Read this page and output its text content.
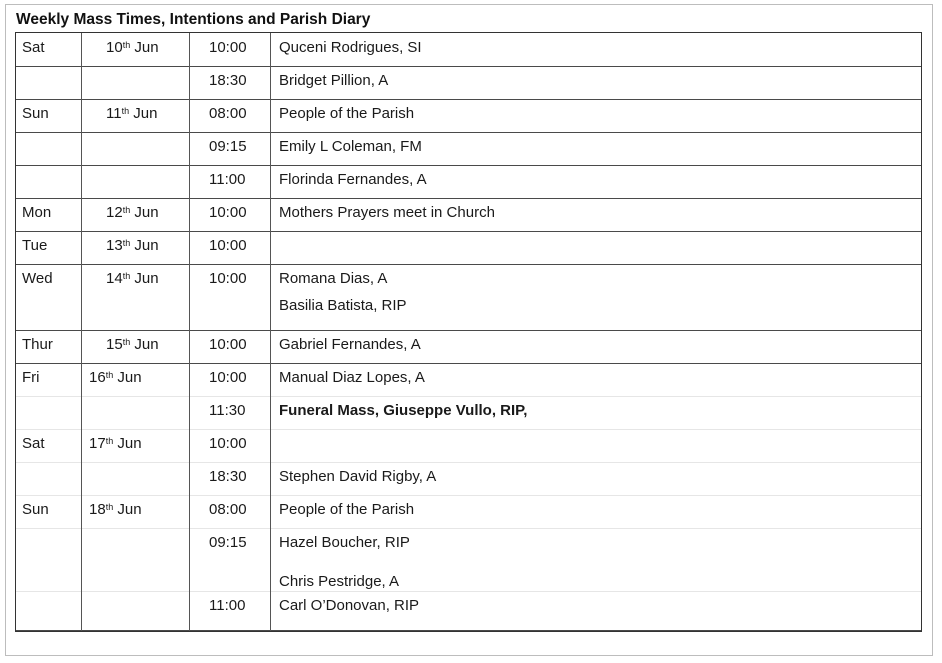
Weekly Mass Times, Intentions and Parish Diary
Sat	10th Jun	10:00 Quceni Rodrigues, SI
18:30 Bridget Pillion, A
Sun	11th Jun	08:00 People of the Parish
09:15 Emily L Coleman, FM
11:00 Florinda Fernandes, A
Mon	12th Jun	10:00 Mothers Prayers meet in Church
Tue	13th Jun	10:00
Wed	14th Jun	10:00 Romana Dias, A
Basilia Batista, RIP
Thur	15th Jun	10:00 Gabriel Fernandes, A
Fri	16th Jun	10:00 Manual Diaz Lopes, A
11:30 Funeral Mass, Giuseppe Vullo, RIP,
Sat	17th Jun	10:00
18:30 Stephen David Rigby, A
Sun	18th Jun	08:00 People of the Parish
09:15 Hazel Boucher, RIP
Chris Pestridge, A
11:00 Carl O’Donovan, RIP
